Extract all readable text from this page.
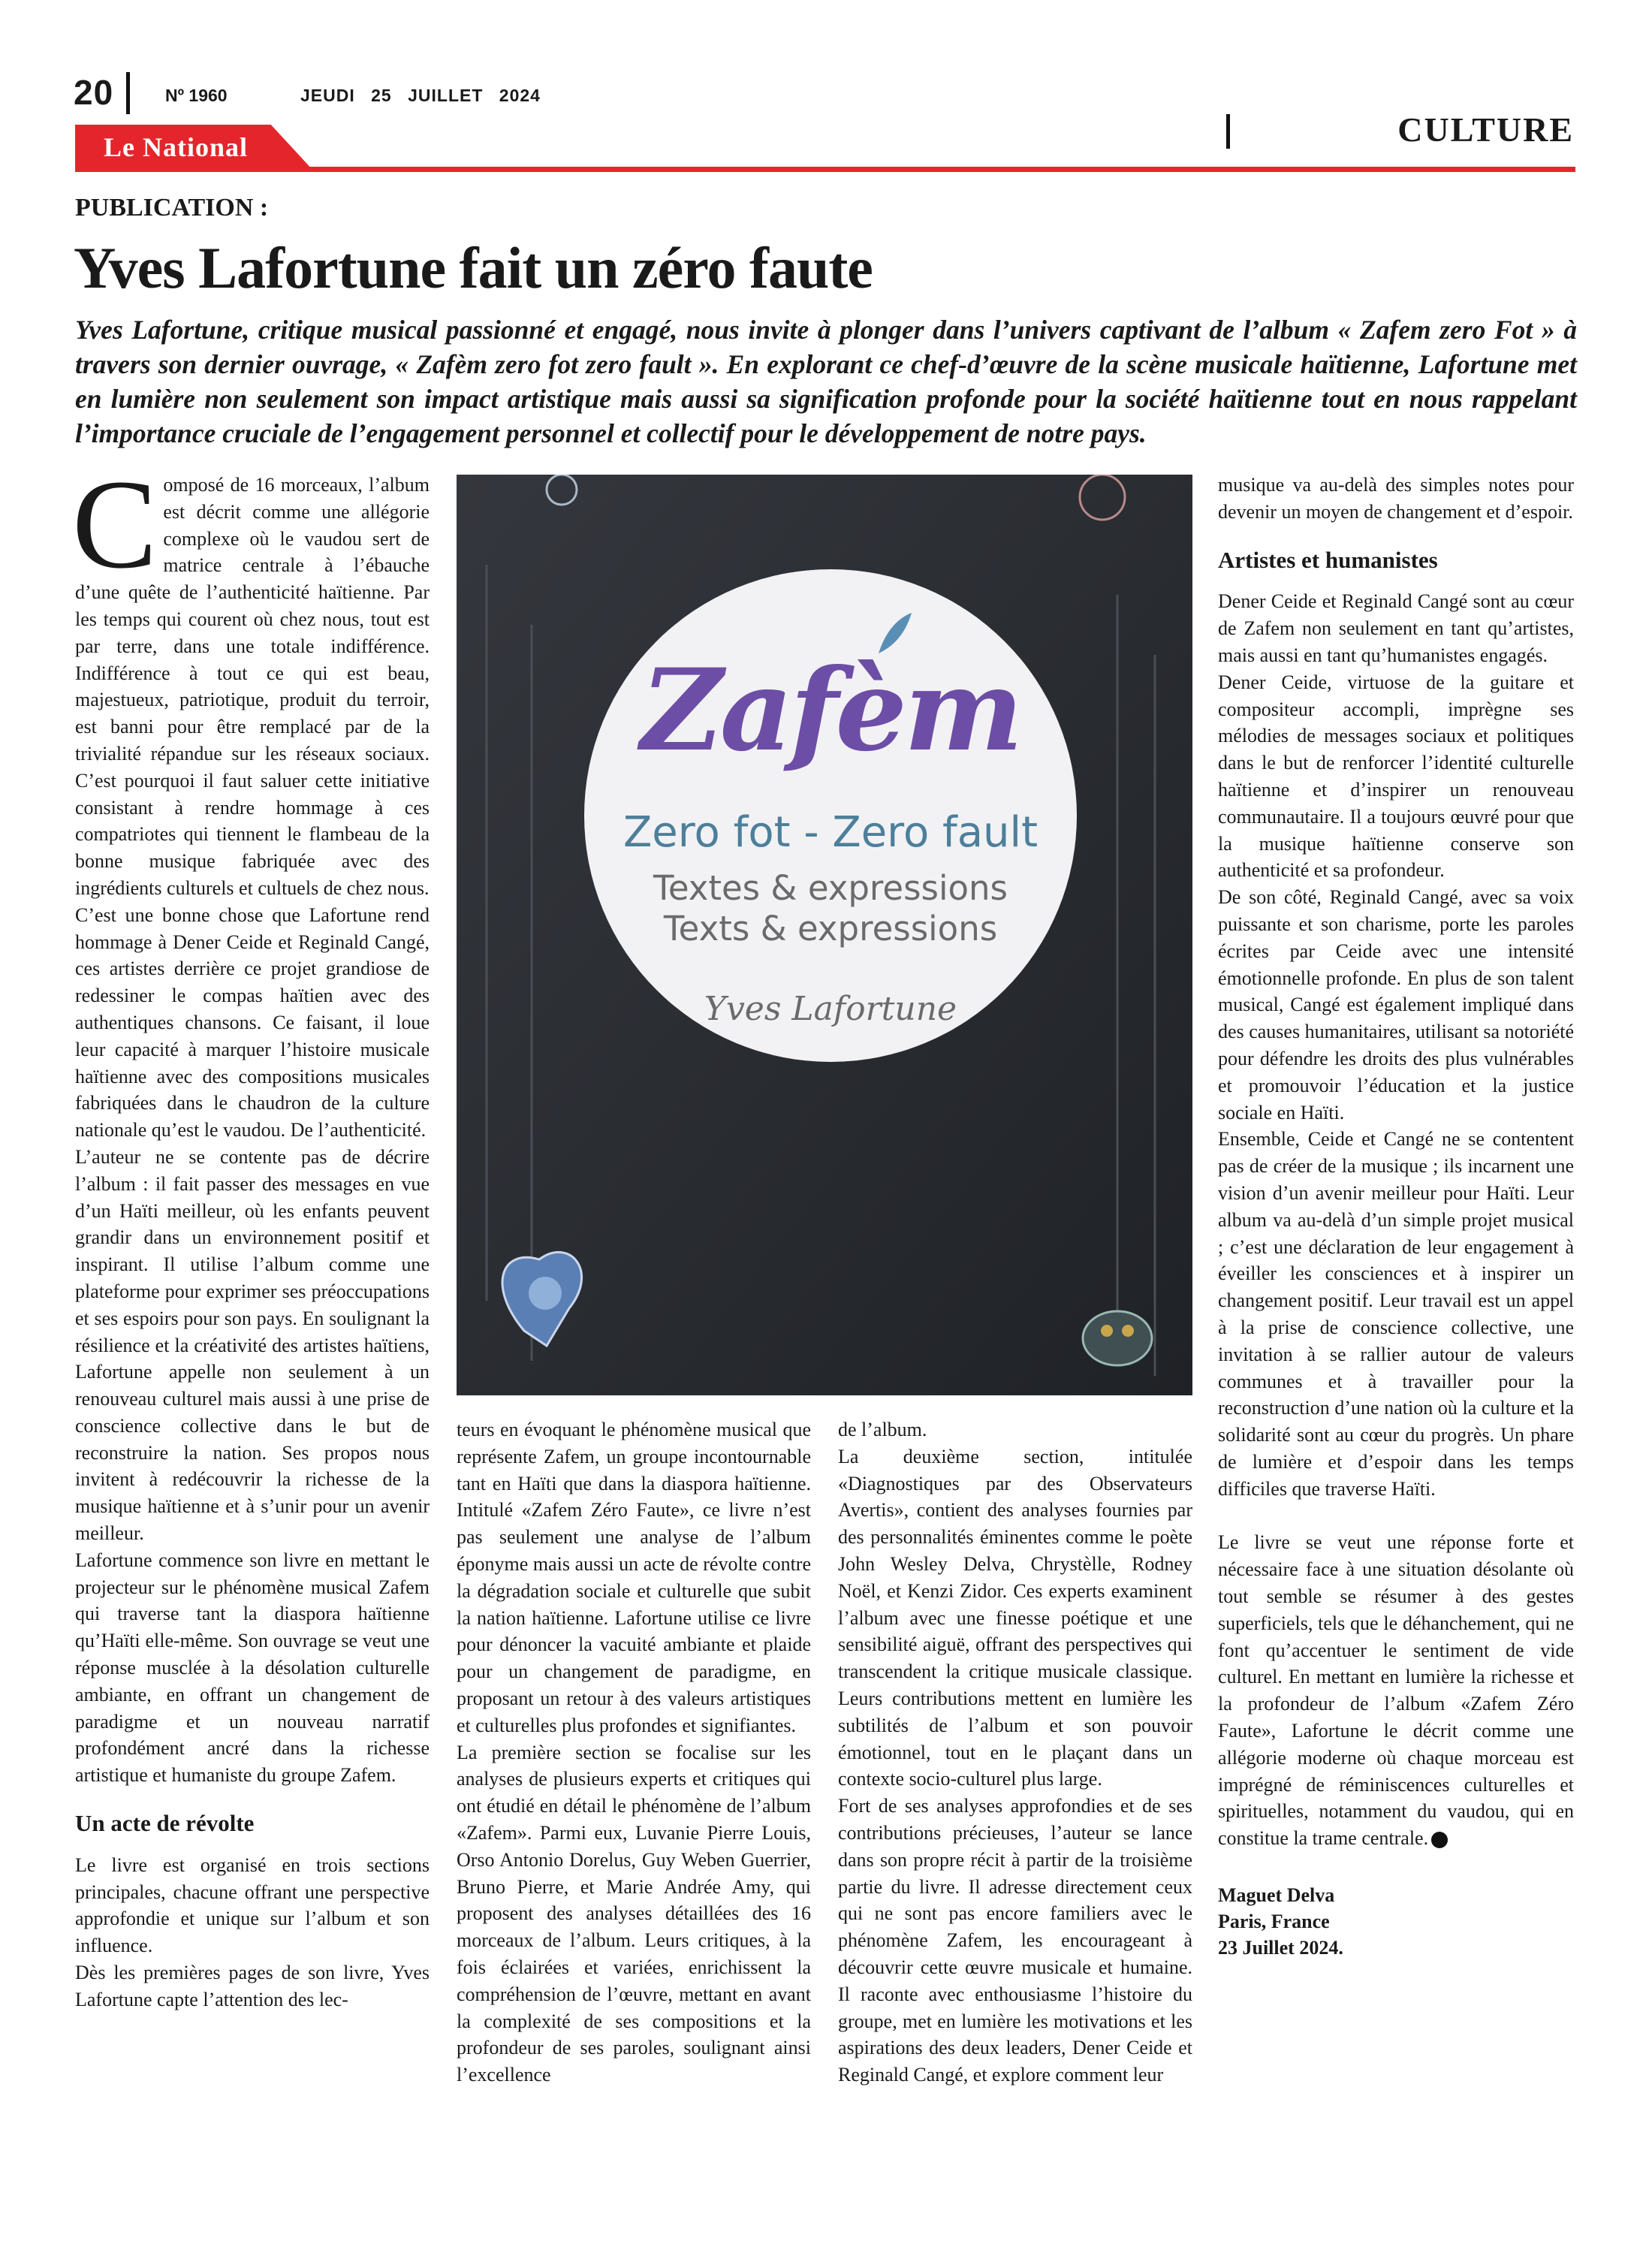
20	Nº 1960	JEUDI 25 JUILLET 2024
CULTURE
Le National
PUBLICATION :
Yves Lafortune fait un zéro faute
Yves Lafortune, critique musical passionné et engagé, nous invite à plonger dans l’univers captivant de l’album « Zafem zero Fot » à travers son dernier ouvrage, « Zafèm zero fot zero fault ». En explorant ce chef-d’œuvre de la scène musicale haïtienne, Lafortune met en lumière non seulement son impact artistique mais aussi sa signification profonde pour la société haïtienne tout en nous rappelant l’importance cruciale de l’engagement personnel et collectif pour le développement de notre pays.

Composé de 16 morceaux, l’album est décrit comme une allégorie complexe où le vaudou sert de matrice centrale à l’ébauche d’une quête de l’authenticité haïtienne. Par les temps qui courent où chez nous, tout est par terre, dans une totale indifférence. Indifférence à tout ce qui est beau, majestueux, patriotique, produit du terroir, est banni pour être remplacé par de la trivialité répandue sur les réseaux sociaux. C’est pourquoi il faut saluer cette initiative consistant à rendre hommage à ces compatriotes qui tiennent le flambeau de la bonne musique fabriquée avec des ingrédients culturels et cultuels de chez nous.

C’est une bonne chose que Lafortune rend hommage à Dener Ceide et Reginald Cangé, ces artistes derrière ce projet grandiose de redessiner le compas haïtien avec des authentiques chansons. Ce faisant, il loue leur capacité à marquer l’histoire musicale haïtienne avec des compositions musicales fabriquées dans le chaudron de la culture nationale qu’est le vaudou. De l’authenticité.

L’auteur ne se contente pas de décrire l’album : il fait passer des messages en vue d’un Haïti meilleur, où les enfants peuvent grandir dans un environnement positif et inspirant. Il utilise l’album comme une plateforme pour exprimer ses préoccupations et ses espoirs pour son pays. En soulignant la résilience et la créativité des artistes haïtiens, Lafortune appelle non seulement à un renouveau culturel mais aussi à une prise de conscience collective dans le but de reconstruire la nation. Ses propos nous invitent à redécouvrir la richesse de la musique haïtienne et à s’unir pour un avenir meilleur.

Lafortune commence son livre en mettant le projecteur sur le phénomène musical Zafem qui traverse tant la diaspora haïtienne qu’Haïti elle-même. Son ouvrage se veut une réponse musclée à la désolation culturelle ambiante, en offrant un changement de paradigme et un nouveau narratif profondément ancré dans la richesse artistique et humaniste du groupe Zafem.

Un acte de révolte

Le livre est organisé en trois sections principales, chacune offrant une perspective approfondie et unique sur l’album et son influence.

Dès les premières pages de son livre, Yves Lafortune capte l’attention des lec-

Zafèm
Zero fot - Zero fault
Textes & expressions
Texts & expressions
Yves Lafortune

teurs en évoquant le phénomène musical que représente Zafem, un groupe incontournable tant en Haïti que dans la diaspora haïtienne. Intitulé «Zafem Zéro Faute», ce livre n’est pas seulement une analyse de l’album éponyme mais aussi un acte de révolte contre la dégradation sociale et culturelle que subit la nation haïtienne. Lafortune utilise ce livre pour dénoncer la vacuité ambiante et plaide pour un changement de paradigme, en proposant un retour à des valeurs artistiques et culturelles plus profondes et signifiantes.

La première section se focalise sur les analyses de plusieurs experts et critiques qui ont étudié en détail le phénomène de l’album «Zafem». Parmi eux, Luvanie Pierre Louis, Orso Antonio Dorelus, Guy Weben Guerrier, Bruno Pierre, et Marie Andrée Amy, qui proposent des analyses détaillées des 16 morceaux de l’album. Leurs critiques, à la fois éclairées et variées, enrichissent la compréhension de l’œuvre, mettant en avant la complexité de ses compositions et la profondeur de ses paroles, soulignant ainsi l’excellence

de l’album.

La deuxième section, intitulée «Diagnostiques par des Observateurs Avertis», contient des analyses fournies par des personnalités éminentes comme le poète John Wesley Delva, Chrystèlle, Rodney Noël, et Kenzi Zidor. Ces experts examinent l’album avec une finesse poétique et une sensibilité aiguë, offrant des perspectives qui transcendent la critique musicale classique. Leurs contributions mettent en lumière les subtilités de l’album et son pouvoir émotionnel, tout en le plaçant dans un contexte socio-culturel plus large.

Fort de ses analyses approfondies et de ses contributions précieuses, l’auteur se lance dans son propre récit à partir de la troisième partie du livre. Il adresse directement ceux qui ne sont pas encore familiers avec le phénomène Zafem, les encourageant à découvrir cette œuvre musicale et humaine. Il raconte avec enthousiasme l’histoire du groupe, met en lumière les motivations et les aspirations des deux leaders, Dener Ceide et Reginald Cangé, et explore comment leur

musique va au-delà des simples notes pour devenir un moyen de changement et d’espoir.

Artistes et humanistes

Dener Ceide et Reginald Cangé sont au cœur de Zafem non seulement en tant qu’artistes, mais aussi en tant qu’humanistes engagés.

Dener Ceide, virtuose de la guitare et compositeur accompli, imprègne ses mélodies de messages sociaux et politiques dans le but de renforcer l’identité culturelle haïtienne et d’inspirer un renouveau communautaire. Il a toujours œuvré pour que la musique haïtienne conserve son authenticité et sa profondeur.

De son côté, Reginald Cangé, avec sa voix puissante et son charisme, porte les paroles écrites par Ceide avec une intensité émotionnelle profonde. En plus de son talent musical, Cangé est également impliqué dans des causes humanitaires, utilisant sa notoriété pour défendre les droits des plus vulnérables et promouvoir l’éducation et la justice sociale en Haïti.

Ensemble, Ceide et Cangé ne se contentent pas de créer de la musique ; ils incarnent une vision d’un avenir meilleur pour Haïti. Leur album va au-delà d’un simple projet musical ; c’est une déclaration de leur engagement à éveiller les consciences et à inspirer un changement positif. Leur travail est un appel à la prise de conscience collective, une invitation à se rallier autour de valeurs communes et à travailler pour la reconstruction d’une nation où la culture et la solidarité sont au cœur du progrès. Un phare de lumière et d’espoir dans les temps difficiles que traverse Haïti.

Le livre se veut une réponse forte et nécessaire face à une situation désolante où tout semble se résumer à des gestes superficiels, tels que le déhanchement, qui ne font qu’accentuer le sentiment de vide culturel. En mettant en lumière la richesse et la profondeur de l’album «Zafem Zéro Faute», Lafortune le décrit comme une allégorie moderne où chaque morceau est imprégné de réminiscences culturelles et spirituelles, notamment du vaudou, qui en constitue la trame centrale.

Maguet Delva
Paris, France
23 Juillet 2024.
